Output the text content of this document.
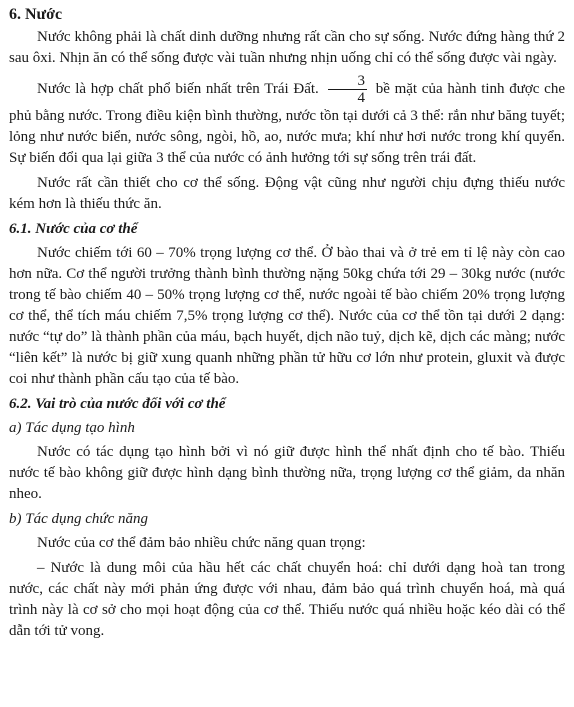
6. Nước

Nước không phải là chất dinh dưỡng nhưng rất cần cho sự sống. Nước đứng hàng thứ 2 sau ôxi. Nhịn ăn có thể sống được vài tuần nhưng nhịn uống chỉ có thể sống được vài ngày.

Nước là hợp chất phổ biến nhất trên Trái Đất. $\frac{3}{4}$ bề mặt của hành tinh được che phủ bằng nước. Trong điều kiện bình thường, nước tồn tại dưới cả 3 thể: rắn như băng tuyết; lỏng như nước biển, nước sông, ngòi, hồ, ao, nước mưa; khí như hơi nước trong khí quyển. Sự biến đổi qua lại giữa 3 thể của nước có ảnh hưởng tới sự sống trên trái đất.

Nước rất cần thiết cho cơ thể sống. Động vật cũng như người chịu đựng thiếu nước kém hơn là thiếu thức ăn.

6.1. Nước của cơ thể

Nước chiếm tới 60 – 70% trọng lượng cơ thể. Ở bào thai và ở trẻ em tỉ lệ này còn cao hơn nữa. Cơ thể người trưởng thành bình thường nặng 50kg chứa tới 29 – 30kg nước (nước trong tế bào chiếm 40 – 50% trọng lượng cơ thể, nước ngoài tế bào chiếm 20% trọng lượng cơ thể, thể tích máu chiếm 7,5% trọng lượng cơ thể). Nước của cơ thể tồn tại dưới 2 dạng: nước “tự do” là thành phần của máu, bạch huyết, dịch não tuỷ, dịch kẽ, dịch các màng; nước “liên kết” là nước bị giữ xung quanh những phần tử hữu cơ lớn như protein, gluxit và được coi như thành phần cấu tạo của tế bào.

6.2. Vai trò của nước đối với cơ thể
a) Tác dụng tạo hình

Nước có tác dụng tạo hình bởi vì nó giữ được hình thể nhất định cho tế bào. Thiếu nước tế bào không giữ được hình dạng bình thường nữa, trọng lượng cơ thể giảm, da nhăn nheo.

b) Tác dụng chức năng

Nước của cơ thể đảm bảo nhiều chức năng quan trọng:

– Nước là dung môi của hầu hết các chất chuyển hoá: chỉ dưới dạng hoà tan trong nước, các chất này mới phản ứng được với nhau, đảm bảo quá trình chuyển hoá, mà quá trình này là cơ sở cho mọi hoạt động của cơ thể. Thiếu nước quá nhiều hoặc kéo dài có thể dẫn tới tử vong.
